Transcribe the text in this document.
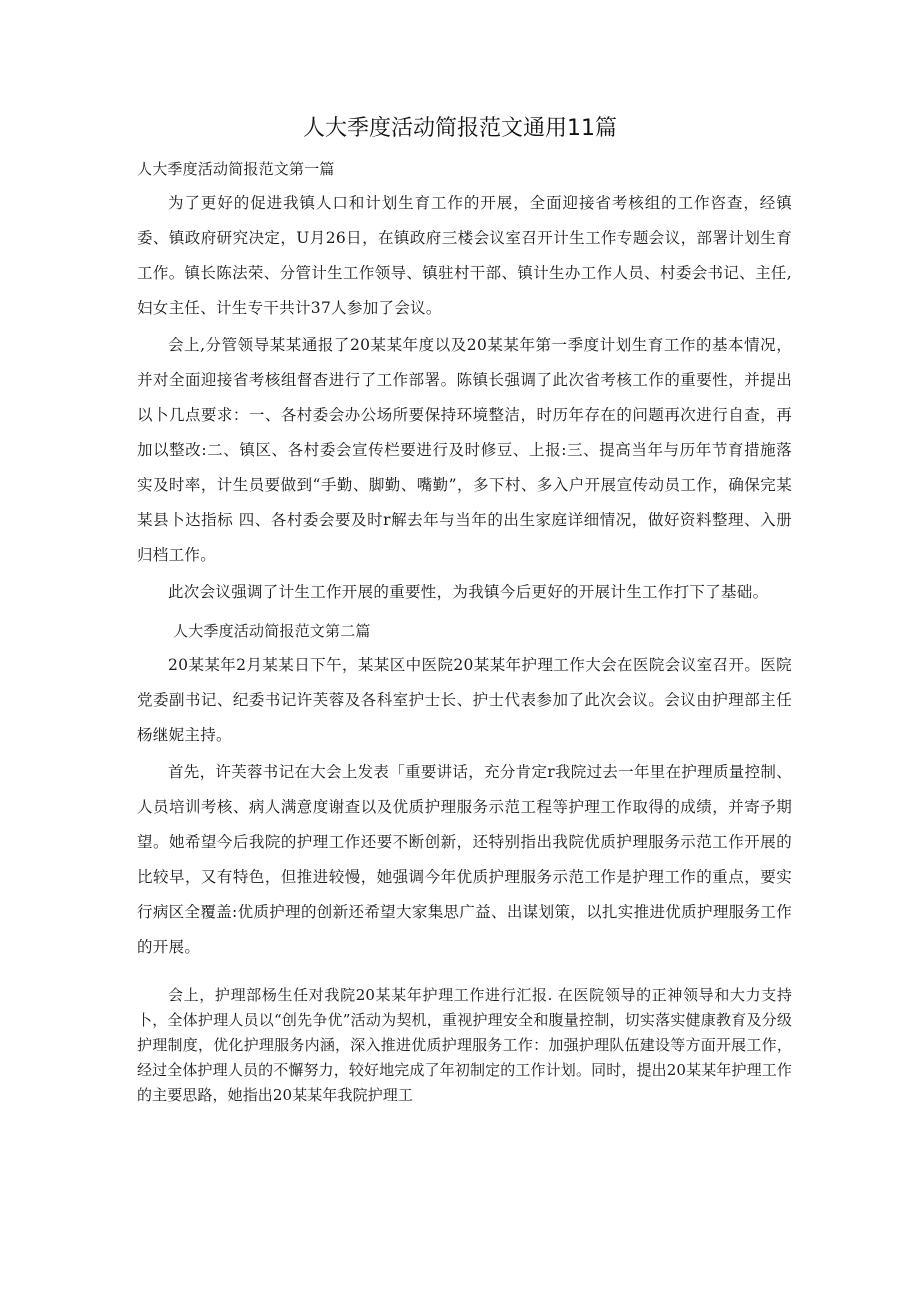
人大季度活动简报范文通用11篇

人大季度活动简报范文第一篇

为了更好的促进我镇人口和计划生育工作的开展，全面迎接省考核组的工作咨查，经镇委、镇政府研究决定，U月26日，在镇政府三楼会议室召开计生工作专题会议，部署计划生育工作。镇长陈法荣、分管计生工作领导、镇驻村干部、镇计生办工作人员、村委会书记、主任,妇女主任、计生专干共计37人参加了会议。

会上,分管领导某某通报了20某某年度以及20某某年第一季度计划生育工作的基本情况，并对全面迎接省考核组督杳进行了工作部署。陈镇长强调了此次省考核工作的重要性，并提出以卜几点要求：一、各村委会办公场所要保持环境整洁，时历年存在的问题再次进行自查，再加以整改:二、镇区、各村委会宣传栏要进行及时修豆、上报:三、提高当年与历年节育措施落实及时率，计生员要做到“手勤、脚勤、嘴勤”，多下村、多入户开展宣传动员工作，确保完某某县卜达指标 四、各村委会要及时r解去年与当年的出生家庭详细情况，做好资料整理、入册归档工作。

此次会议强调了计生工作开展的重要性，为我镇今后更好的开展计生工作打下了基础。

人大季度活动简报范文第二篇

20某某年2月某某日下午，某某区中医院20某某年护理工作大会在医院会议室召开。医院党委副书记、纪委书记许芙蓉及各科室护士长、护士代表参加了此次会议。会议由护理部主任杨继妮主持。

首先，许芙蓉书记在大会上发表「重要讲话，充分肯定r我院过去一年里在护理质量控制、人员培训考核、病人满意度谢查以及优质护理服务示范工程等护理工作取得的成绩，并寄予期望。她希望今后我院的护理工作还要不断创新，还特别指出我院优质护理服务示范工作开展的比较早，又有特色，但推进较慢，她强调今年优质护理服务示范工作是护理工作的重点，要实行病区全覆盖:优质护理的创新还希望大家集思广益、出谋划策，以扎实推进优质护理服务工作的开展。

会上，护理部杨生任对我院20某某年护理工作进行汇报. 在医院领导的正神领导和大力支持卜，全体护理人员以“创先争优”活动为契机，重视护理安全和腹量控制，切实落实健康教育及分级护理制度，优化护理服务内涵，深入推进优质护理服务工作：加强护理队伍建设等方面开展工作，经过全体护理人员的不懈努力，较好地完成了年初制定的工作计划。同时，提出20某某年护理工作的主要思路，她指出20某某年我院护理工
